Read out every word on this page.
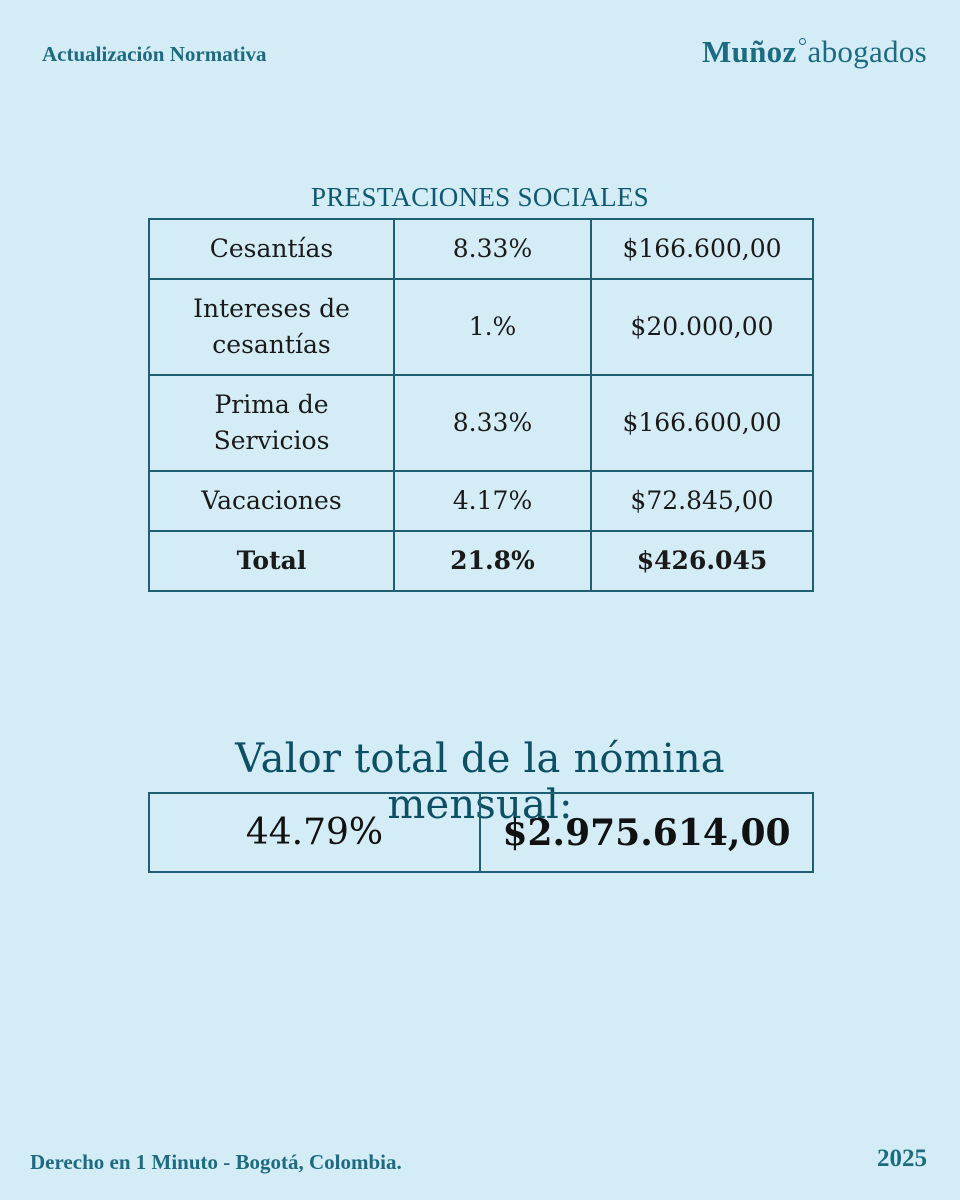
Actualización Normativa	Muñoz abogados
PRESTACIONES SOCIALES
Cesantías	8.33%	$166.600,00
Intereses de cesantías	1.%	$20.000,00
Prima de Servicios	8.33%	$166.600,00
Vacaciones	4.17%	$72.845,00
Total	21.8%	$426.045
Valor total de la nómina mensual:
44.79%	$2.975.614,00
Derecho en 1 Minuto - Bogotá, Colombia.	2025
